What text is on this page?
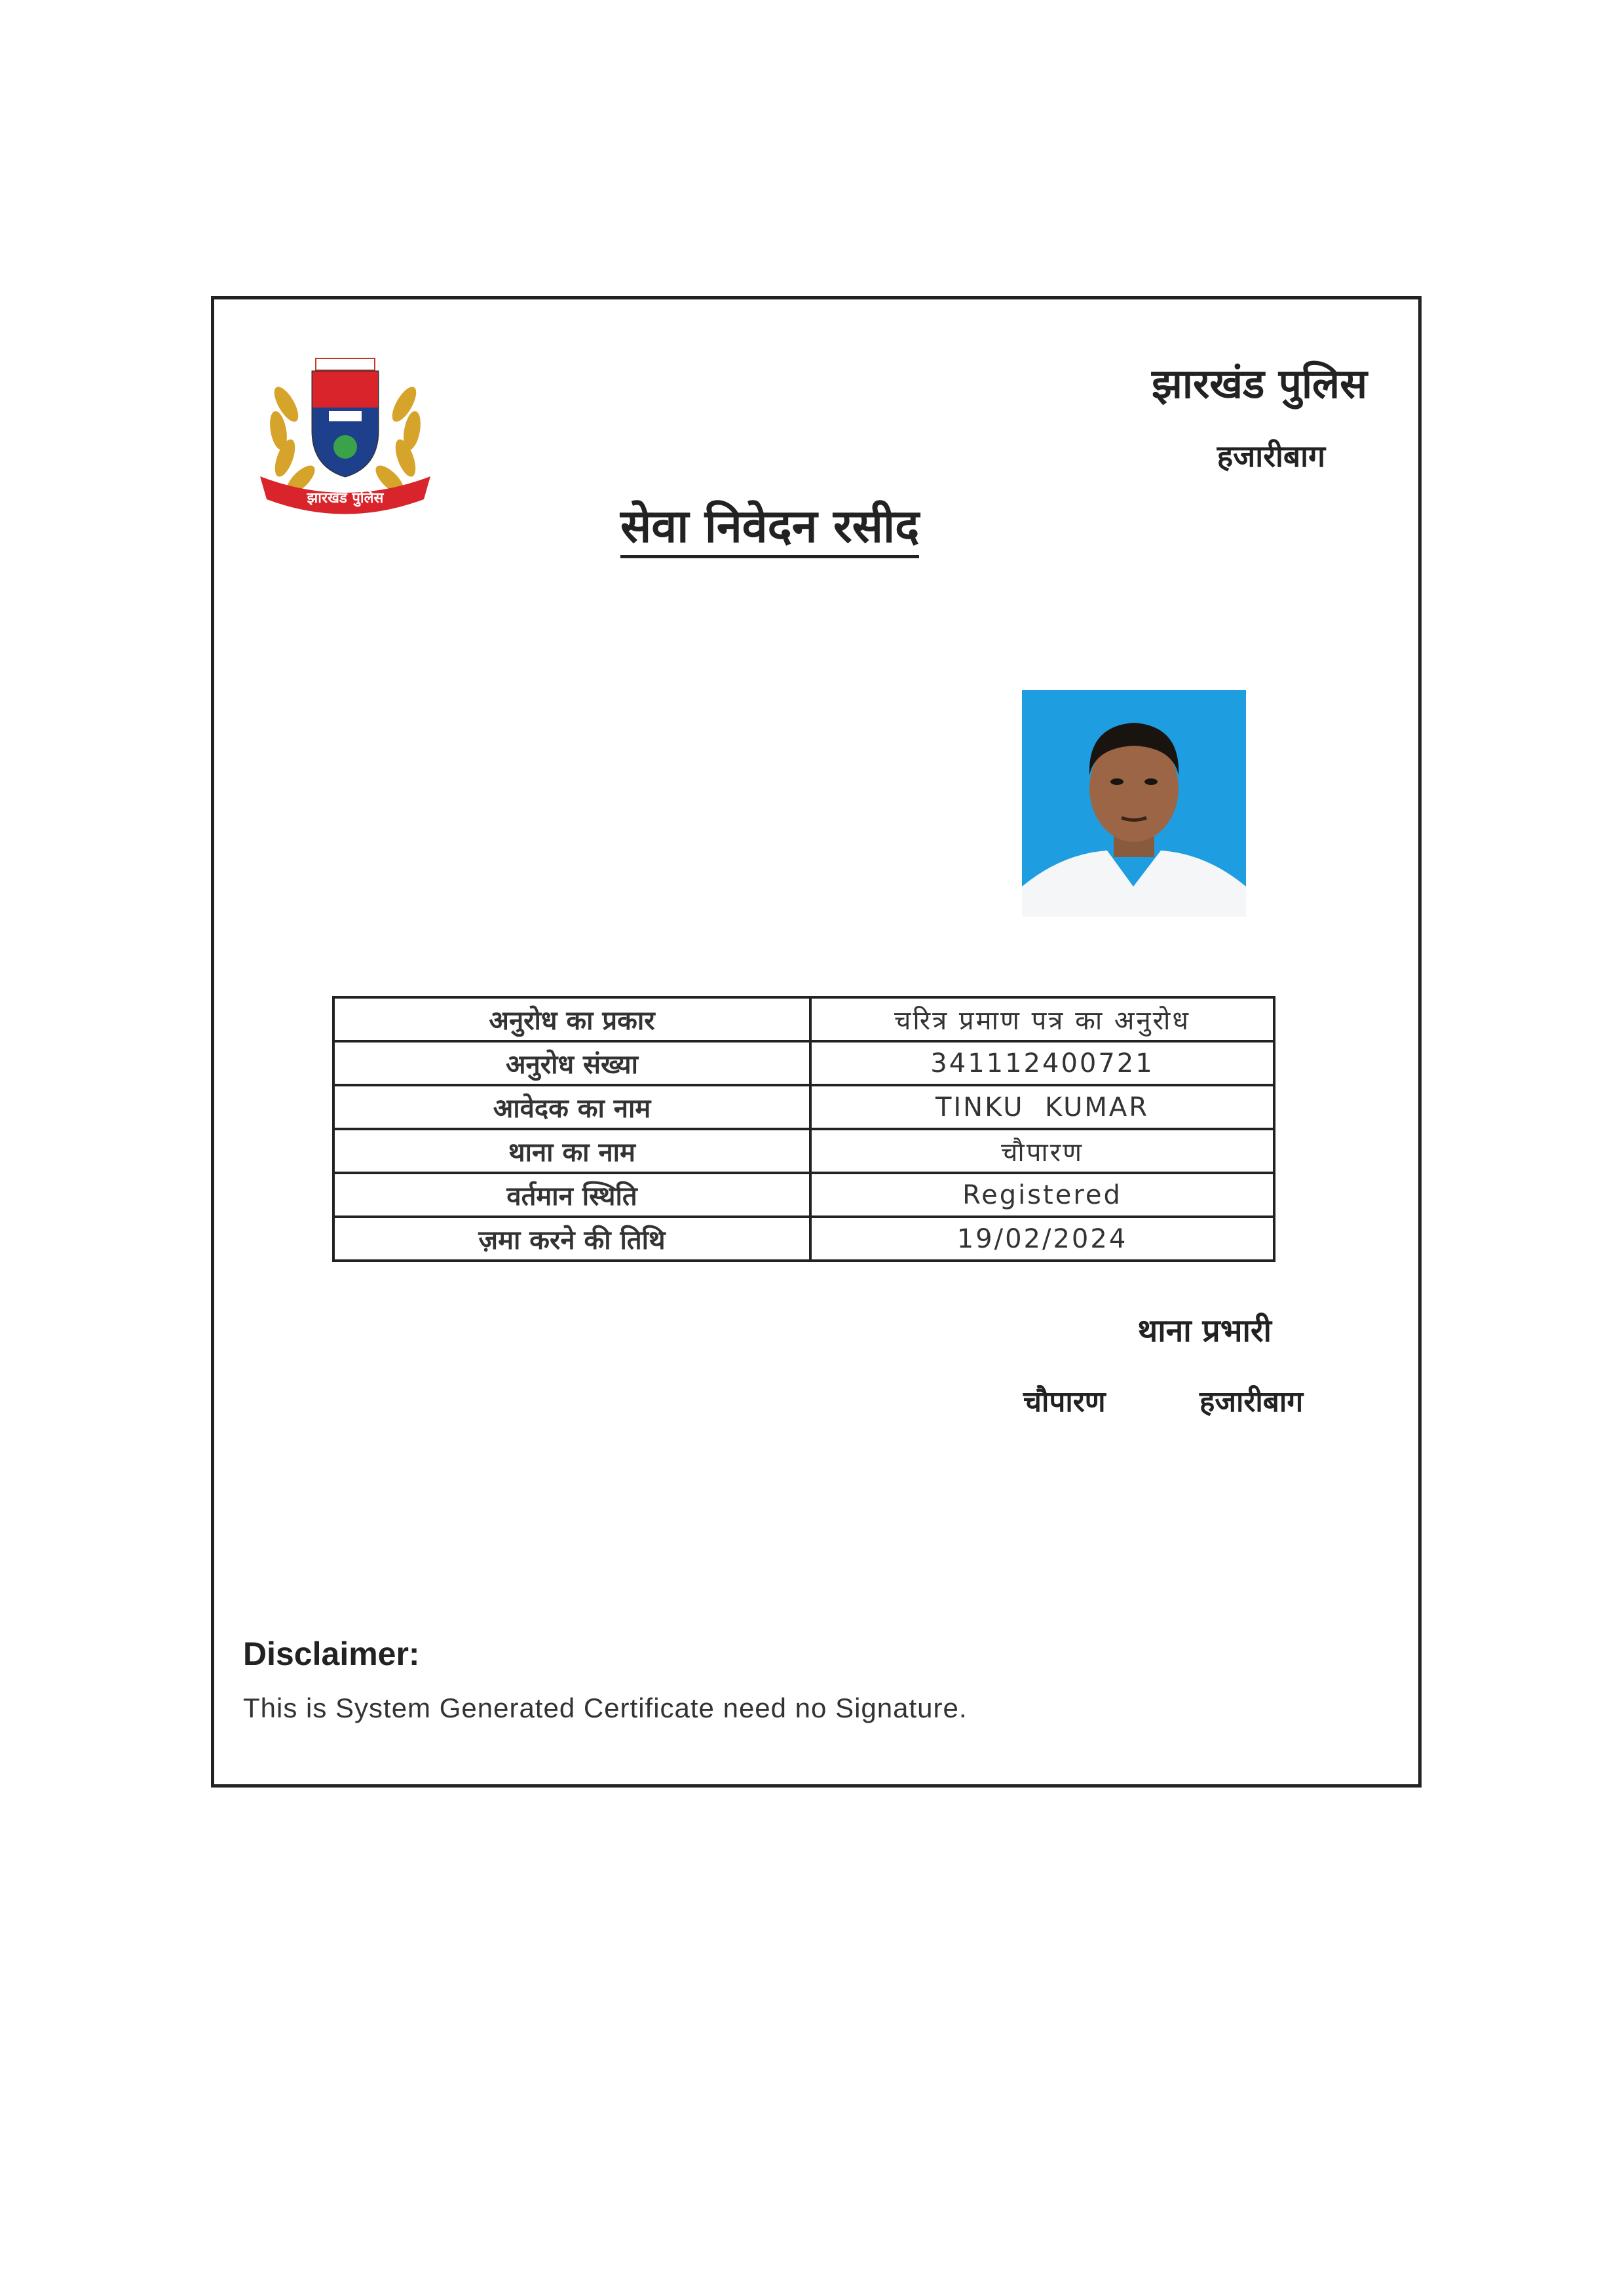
झारखंड पुलिस
झारखंड पुलिस
हजारीबाग
सेवा निवेदन रसीद
अनुरोध का प्रकार	चरित्र प्रमाण पत्र का अनुरोध
अनुरोध संख्या	341112400721
आवेदक का नाम	TINKU  KUMAR
थाना का नाम	चौपारण
वर्तमान स्थिति	Registered
ज़मा करने की तिथि	19/02/2024
थाना प्रभारी
चौपारण	हजारीबाग
Disclaimer:
This is System Generated Certificate need no Signature.
